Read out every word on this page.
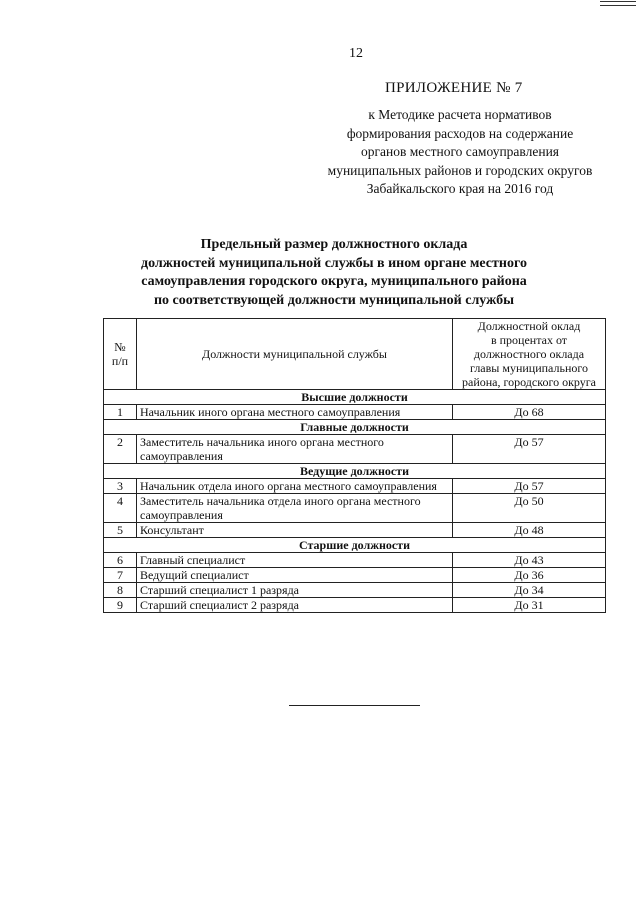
12
ПРИЛОЖЕНИЕ № 7
к Методике расчета нормативов
формирования расходов на содержание
органов местного самоуправления
муниципальных районов и городских округов
Забайкальского края на 2016 год
Предельный размер должностного оклада
должностей муниципальной службы в ином органе местного
самоуправления городского округа, муниципального района
по соответствующей должности муниципальной службы
№
п/п	Должности муниципальной службы	Должностной оклад
в процентах от
должностного оклада
главы муниципального
района, городского округа
Высшие должности		
1	Начальник иного органа местного самоуправления	До 68
Главные должности		
2	Заместитель начальника иного органа местного самоуправления	До 57
Ведущие должности		
3	Начальник отдела иного органа местного самоуправления	До 57
4	Заместитель начальника отдела иного органа местного самоуправления	До 50
5	Консультант	До 48
Старшие должности		
6	Главный специалист	До 43
7	Ведущий специалист	До 36
8	Старший специалист 1 разряда	До 34
9	Старший специалист 2 разряда	До 31
